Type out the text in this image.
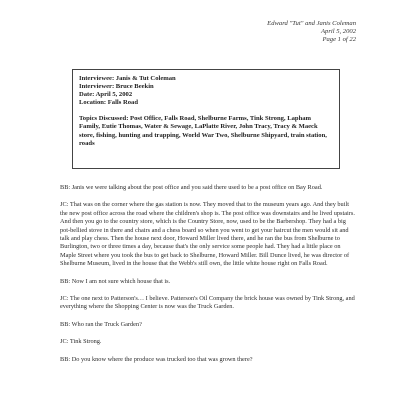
Edward "Tut" and Janis Coleman
April 5, 2002
Page 1 of 22
Interviewee: Janis & Tut Coleman
Interviewer: Bruce Beekin
Date: April 5, 2002
Location: Falls Road
Topics Discussed: Post Office, Falls Road, Shelburne Farms, Tink Strong, Lapham Family, Eutie Thomas, Water & Sewage, LaPlatte River, John Tracy, Tracy & Maeck store, fishing, hunting and trapping, World War Two, Shelburne Shipyard, train station, roads

BB: Janis we were talking about the post office and you said there used to be a post office on Bay Road.

JC: That was on the corner where the gas station is now. They moved that to the museum years ago. And they built the new post office across the road where the children's shop is. The post office was downstairs and he lived upstairs. And then you go to the country store, which is the Country Store, now, used to be the Barbershop. They had a big pot-bellied stove in there and chairs and a chess board so when you went to get your haircut the men would sit and talk and play chess. Then the house next door, Howard Miller lived there, and he ran the bus from Shelburne to Burlington, two or three times a day, because that's the only service some people had. They had a little place on Maple Street where you took the bus to get back to Shelburne, Howard Miller. Bill Dunce lived, he was director of Shelburne Museum, lived in the house that the Webb's still own, the little white house right on Falls Road.

BB: Now I am not sure which house that is.

JC: The one next to Patterson's… I believe. Patterson's Oil Company the brick house was owned by Tink Strong, and everything where the Shopping Center is now was the Truck Garden.

BB: Who ran the Truck Garden?

JC: Tink Strong.

BB: Do you know where the produce was trucked too that was grown there?
